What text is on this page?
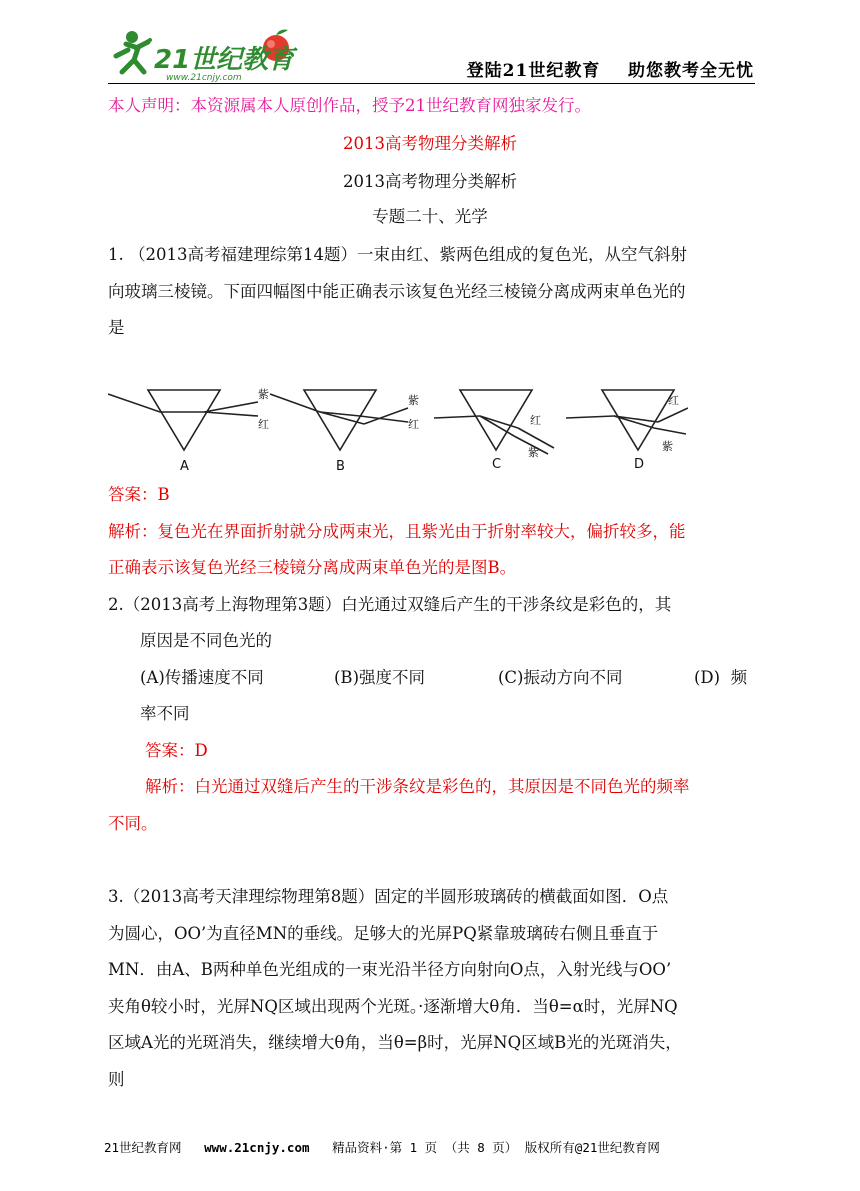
21世纪教育
www.21cnjy.com	登陆21世纪教育    助您教考全无忧
本人声明：本资源属本人原创作品，授予21世纪教育网独家发行。
2013高考物理分类解析
2013高考物理分类解析
专题二十、光学
1. （2013高考福建理综第14题）一束由红、紫两色组成的复色光，从空气斜射
向玻璃三棱镜。下面四幅图中能正确表示该复色光经三棱镜分离成两束单色光的
是
紫
红
紫
红	红
紫
红
紫
A	B	C	D
答案：B
解析：复色光在界面折射就分成两束光，且紫光由于折射率较大，偏折较多，能
正确表示该复色光经三棱镜分离成两束单色光的是图B。
2.（2013高考上海物理第3题）白光通过双缝后产生的干涉条纹是彩色的，其
原因是不同色光的
(A)传播速度不同	(B)强度不同	(C)振动方向不同	(D)  频
率不同
答案：D
解析：白光通过双缝后产生的干涉条纹是彩色的，其原因是不同色光的频率
不同。
3.（2013高考天津理综物理第8题）固定的半圆形玻璃砖的横截面如图．O点
为圆心，OO’为直径MN的垂线。足够大的光屏PQ紧靠玻璃砖右侧且垂直于
MN．由A、B两种单色光组成的一束光沿半径方向射向O点，入射光线与OO’
夹角θ较小时，光屏NQ区域出现两个光斑。·逐渐增大θ角．当θ=α时，光屏NQ
区域A光的光斑消失，继续增大θ角，当θ=β时，光屏NQ区域B光的光斑消失，
则
21世纪教育网 www.21cnjy.com 精品资料·第 1 页 （共 8 页） 版权所有@21世纪教育网
